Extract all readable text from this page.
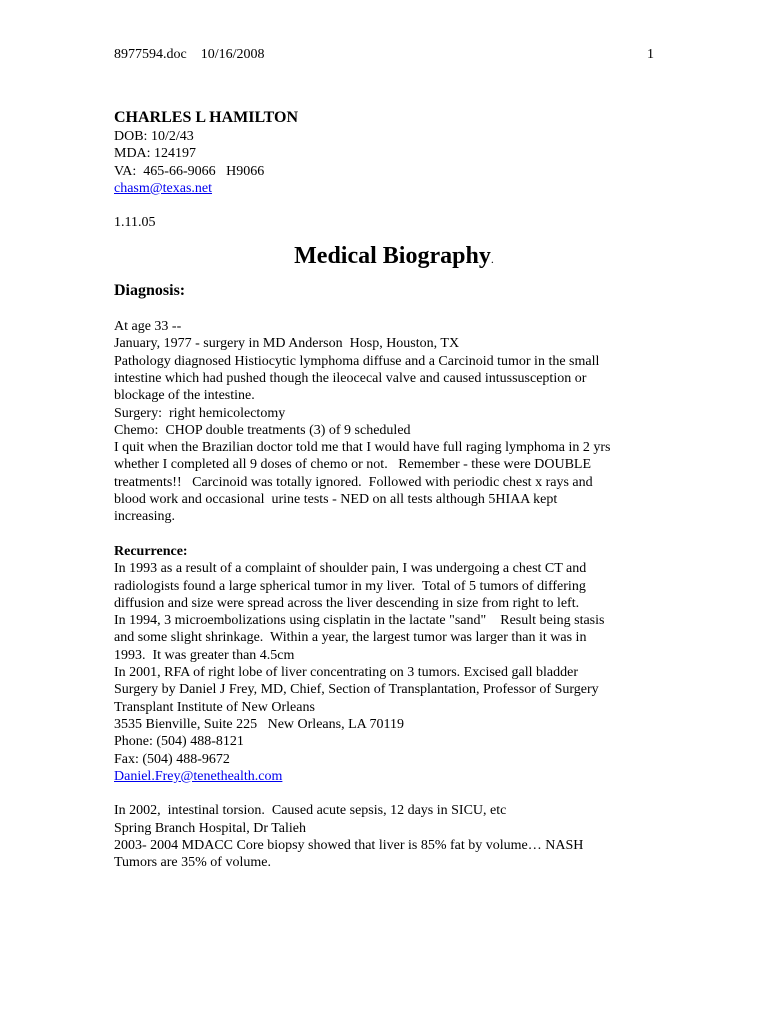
8977594.doc    10/16/2008	1
CHARLES L HAMILTON
DOB: 10/2/43
MDA: 124197
VA:  465-66-9066   H9066
chasm@texas.net
1.11.05
Medical Biography.
Diagnosis:
At age 33 --
January, 1977 - surgery in MD Anderson  Hosp, Houston, TX
Pathology diagnosed Histiocytic lymphoma diffuse and a Carcinoid tumor in the small
intestine which had pushed though the ileocecal valve and caused intussusception or
blockage of the intestine.
Surgery:  right hemicolectomy
Chemo:  CHOP double treatments (3) of 9 scheduled
I quit when the Brazilian doctor told me that I would have full raging lymphoma in 2 yrs
whether I completed all 9 doses of chemo or not.   Remember - these were DOUBLE
treatments!!   Carcinoid was totally ignored.  Followed with periodic chest x rays and
blood work and occasional  urine tests - NED on all tests although 5HIAA kept
increasing.
Recurrence:
In 1993 as a result of a complaint of shoulder pain, I was undergoing a chest CT and
radiologists found a large spherical tumor in my liver.  Total of 5 tumors of differing
diffusion and size were spread across the liver descending in size from right to left.
In 1994, 3 microembolizations using cisplatin in the lactate "sand"    Result being stasis
and some slight shrinkage.  Within a year, the largest tumor was larger than it was in
1993.  It was greater than 4.5cm
In 2001, RFA of right lobe of liver concentrating on 3 tumors. Excised gall bladder
Surgery by Daniel J Frey, MD, Chief, Section of Transplantation, Professor of Surgery
Transplant Institute of New Orleans
3535 Bienville, Suite 225   New Orleans, LA 70119
Phone: (504) 488-8121
Fax: (504) 488-9672
Daniel.Frey@tenethealth.com
In 2002,  intestinal torsion.  Caused acute sepsis, 12 days in SICU, etc
Spring Branch Hospital, Dr Talieh
2003- 2004 MDACC Core biopsy showed that liver is 85% fat by volume… NASH
Tumors are 35% of volume.
